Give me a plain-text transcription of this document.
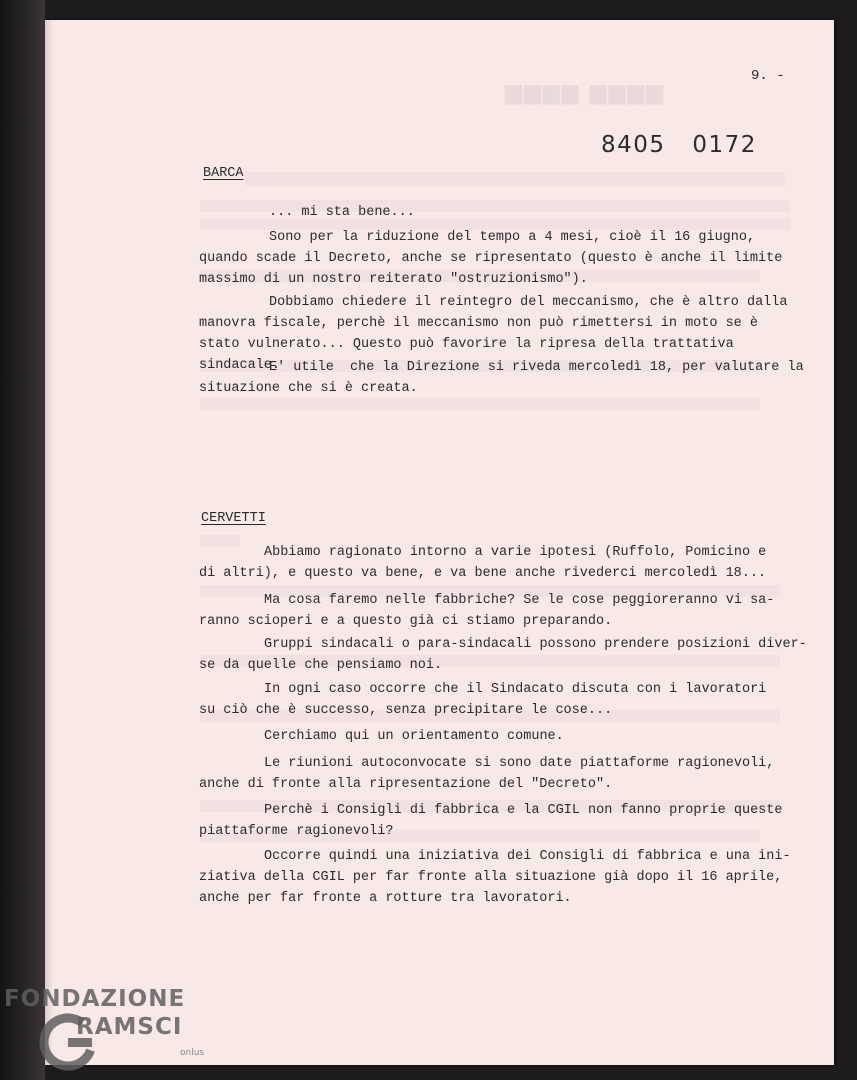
▆▆▆▆ ▆▆▆▆
9. -
8405 0172
BARCA

... mi sta bene...

Sono per la riduzione del tempo a 4 mesi, cioè il 16 giugno,
quando scade il Decreto, anche se ripresentato (questo è anche il limite
massimo di un nostro reiterato "ostruzionismo").

Dobbiamo chiedere il reintegro del meccanismo, che è altro dalla
manovra fiscale, perchè il meccanismo non può rimettersi in moto se è
stato vulnerato... Questo può favorire la ripresa della trattativa sindacale.

E' utile  che la Direzione si riveda mercoledì 18, per valutare la
situazione che si è creata.

CERVETTI

Abbiamo ragionato intorno a varie ipotesi (Ruffolo, Pomicino e
di altri), e questo va bene, e va bene anche rivederci mercoledì 18...

Ma cosa faremo nelle fabbriche? Se le cose peggioreranno vi sa-
ranno scioperi e a questo già ci stiamo preparando.

Gruppi sindacali o para-sindacali possono prendere posizioni diver-
se da quelle che pensiamo noi.

In ogni caso occorre che il Sindacato discuta con i lavoratori
su ciò che è successo, senza precipitare le cose...

Cerchiamo qui un orientamento comune.

Le riunioni autoconvocate si sono date piattaforme ragionevoli,
anche di fronte alla ripresentazione del "Decreto".

Perchè i Consigli di fabbrica e la CGIL non fanno proprie queste
piattaforme ragionevoli?

Occorre quindi una iniziativa dei Consigli di fabbrica e una ini-
ziativa della CGIL per far fronte alla situazione già dopo il 16 aprile,
anche per far fronte a rotture tra lavoratori.

FONDAZIONE
RAMSCI
onlus
